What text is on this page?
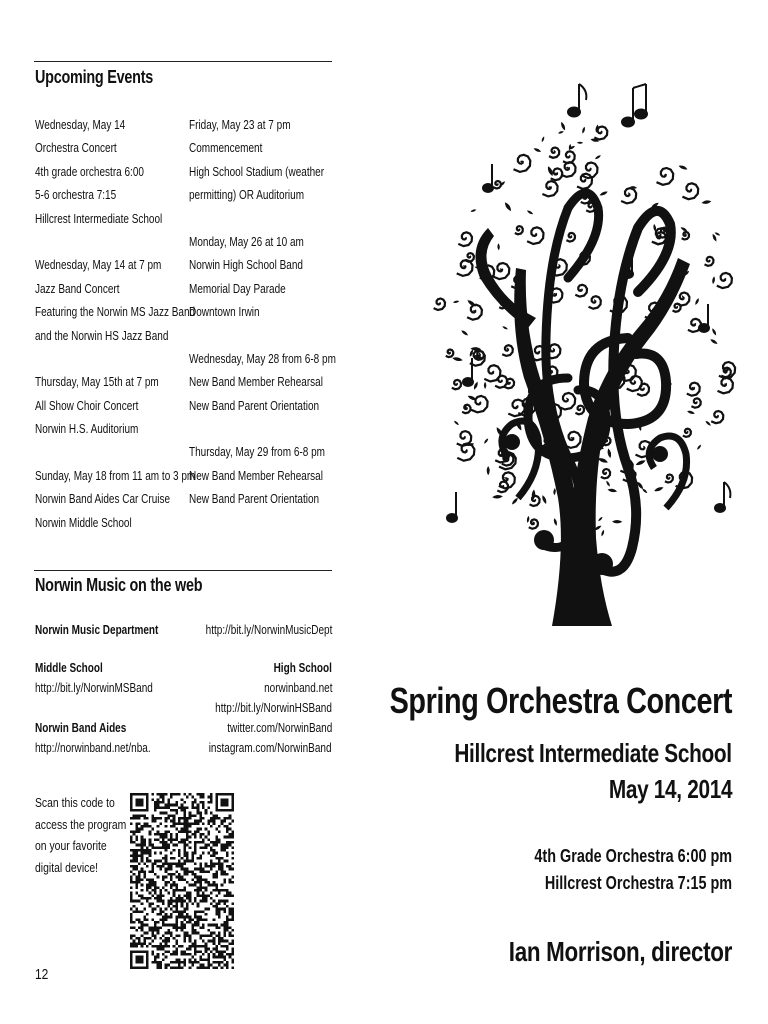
Upcoming Events
Wednesday, May 14
Orchestra Concert
4th grade orchestra 6:00
5-6 orchestra 7:15
Hillcrest Intermediate School
Wednesday, May 14 at 7 pm
Jazz Band Concert
Featuring the Norwin MS Jazz Band
and the Norwin HS Jazz Band
Thursday, May 15th at 7 pm
All Show Choir Concert
Norwin H.S. Auditorium
Sunday, May 18 from 11 am to 3 pm
Norwin Band Aides Car Cruise
Norwin Middle School
Friday, May 23 at 7 pm
Commencement
High School Stadium (weather
permitting) OR Auditorium
Monday, May 26 at 10 am
Norwin High School Band
Memorial Day Parade
Downtown Irwin
Wednesday, May 28 from 6-8 pm
New Band Member Rehearsal
New Band Parent Orientation
Thursday, May 29 from 6-8 pm
New Band Member Rehearsal
New Band Parent Orientation
Norwin Music on the web
Norwin Music Department	http://bit.ly/NorwinMusicDept
Middle School
http://bit.ly/NorwinMSBand
High School
norwinband.net
http://bit.ly/NorwinHSBand
twitter.com/NorwinBand
instagram.com/NorwinBand
Norwin Band Aides
http://norwinband.net/nba.
Scan this code to
access the program
on your favorite
digital device!
12
Spring Orchestra Concert
Hillcrest Intermediate School
May 14, 2014
4th Grade Orchestra 6:00 pm
Hillcrest Orchestra 7:15 pm
Ian Morrison, director
